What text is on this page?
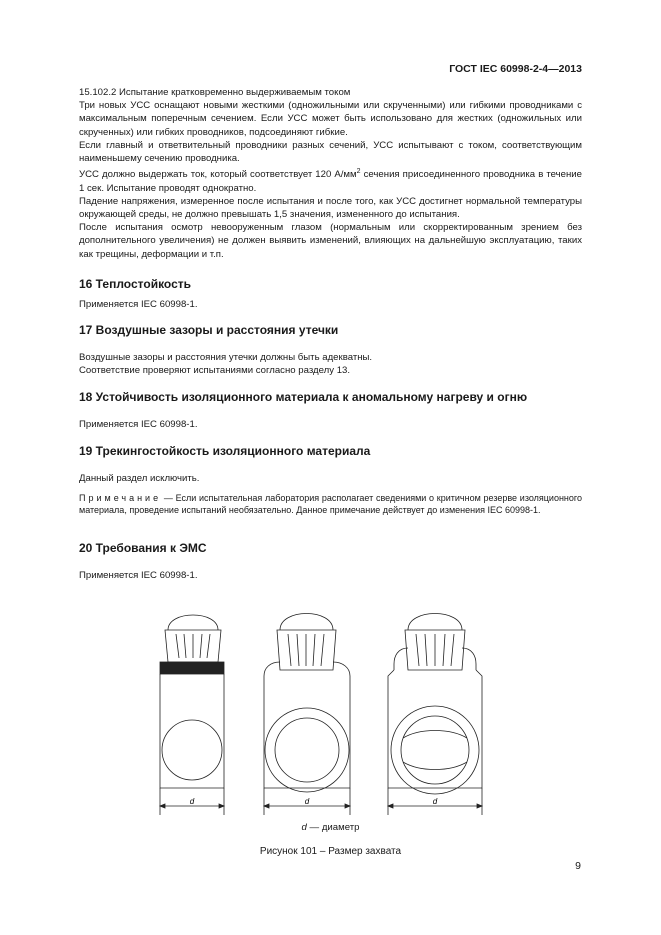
ГОСТ IEC 60998-2-4—2013

15.102.2 Испытание кратковременно выдерживаемым током

Три новых УСС оснащают новыми жесткими (одножильными или скрученными) или гибкими проводниками с максимальным поперечным сечением. Если УСС может быть использовано для жестких (одножильных или скрученных) или гибких проводников, подсоединяют гибкие.

Если главный и ответвительный проводники разных сечений, УСС испытывают с током, соответствующим наименьшему сечению проводника.

УСС должно выдержать ток, который соответствует 120 $А/мм^2$ сечения присоединенного проводника в течение 1 сек. Испытание проводят однократно.

Падение напряжения, измеренное после испытания и после того, как УСС достигнет нормальной температуры окружающей среды, не должно превышать 1,5 значения, измененного до испытания.

После испытания осмотр невооруженным глазом (нормальным или скорректированным зрением без дополнительного увеличения) не должен выявить изменений, влияющих на дальнейшую эксплуатацию, таких как трещины, деформации и т.п.

16 Теплостойкость

Применяется IEC 60998-1.

17 Воздушные зазоры и расстояния утечки

Воздушные зазоры и расстояния утечки должны быть адекватны.

Соответствие проверяют испытаниями согласно разделу 13.

18 Устойчивость изоляционного материала к аномальному нагреву и огню

Применяется IEC 60998-1.

19 Трекингостойкость изоляционного материала

Данный раздел исключить.

Примечание — Если испытательная лаборатория располагает сведениями о критичном резерве изоляционного материала, проведение испытаний необязательно. Данное примечание действует до изменения IEC 60998-1.

20 Требования к ЭМС

Применяется IEC 60998-1.

d	d	d
d — диаметр
Рисунок 101 – Размер захвата
9
